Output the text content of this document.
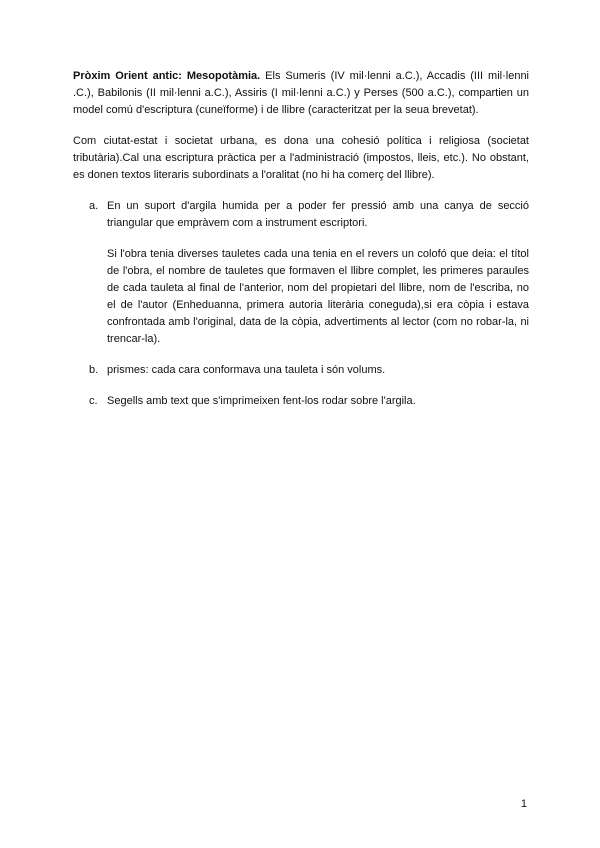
Pròxim Orient antic: Mesopotàmia. Els Sumeris (IV mil·lenni a.C.), Accadis (III mil·lenni .C.), Babilonis (II mil·lenni a.C.), Assiris (I mil·lenni a.C.) y Perses (500 a.C.), compartien un model comú d'escriptura (cuneïforme) i de llibre (caracteritzat per la seua brevetat).

Com ciutat-estat i societat urbana, es dona una cohesió política i religiosa (societat tributària).Cal una escriptura pràctica per a l'administració (impostos, lleis, etc.). No obstant, es donen textos literaris subordinats a l'oralitat (no hi ha comerç del llibre).

a. En un suport d'argila humida per a poder fer pressió amb una canya de secció triangular que empràvem com a instrument escriptori.

Si l'obra tenia diverses tauletes cada una tenia en el revers un colofó que deia: el títol de l'obra, el nombre de tauletes que formaven el llibre complet, les primeres paraules de cada tauleta al final de l'anterior, nom del propietari del llibre, nom de l'escriba, no el de l'autor (Enheduanna, primera autoria literària coneguda),si era còpia i estava confrontada amb l'original, data de la còpia, advertiments al lector (com no robar-la, ni trencar-la).

b. prismes: cada cara conformava una tauleta i són volums.

c. Segells amb text que s'imprimeixen fent-los rodar sobre l'argila.

1
